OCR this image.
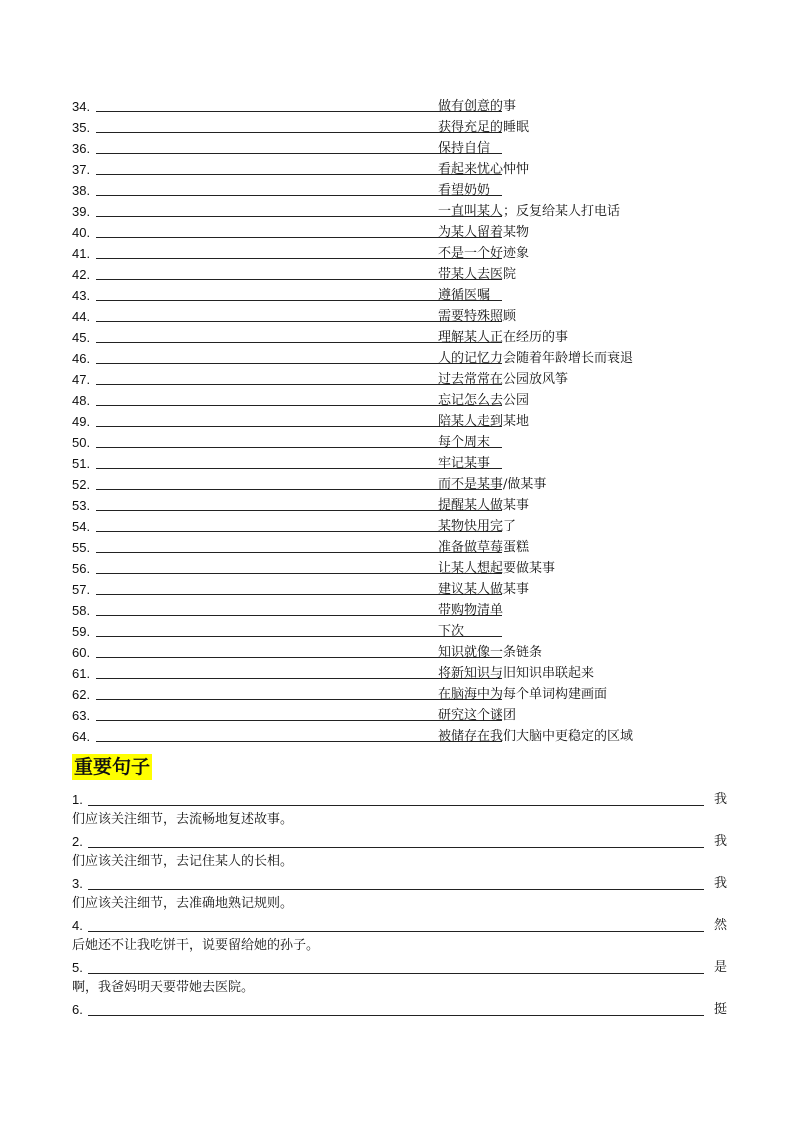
34.	做有创意的事
35.	获得充足的睡眠
36.	保持自信
37.	看起来忧心忡忡
38.	看望奶奶
39.	一直叫某人；反复给某人打电话
40.	为某人留着某物
41.	不是一个好迹象
42.	带某人去医院
43.	遵循医嘱
44.	需要特殊照顾
45.	理解某人正在经历的事
46.	人的记忆力会随着年龄增长而衰退
47.	过去常常在公园放风筝
48.	忘记怎么去公园
49.	陪某人走到某地
50.	每个周末
51.	牢记某事
52.	而不是某事/做某事
53.	提醒某人做某事
54.	某物快用完了
55.	准备做草莓蛋糕
56.	让某人想起要做某事
57.	建议某人做某事
58.	带购物清单
59.	下次
60.	知识就像一条链条
61.	将新知识与旧知识串联起来
62.	在脑海中为每个单词构建画面
63.	研究这个谜团
64.	被储存在我们大脑中更稳定的区域
重要句子
1.	我
们应该关注细节，去流畅地复述故事。
2.	我
们应该关注细节，去记住某人的长相。
3.	我
们应该关注细节，去准确地熟记规则。
4.	然
后她还不让我吃饼干，说要留给她的孙子。
5.	是
啊，我爸妈明天要带她去医院。
6.	挺
